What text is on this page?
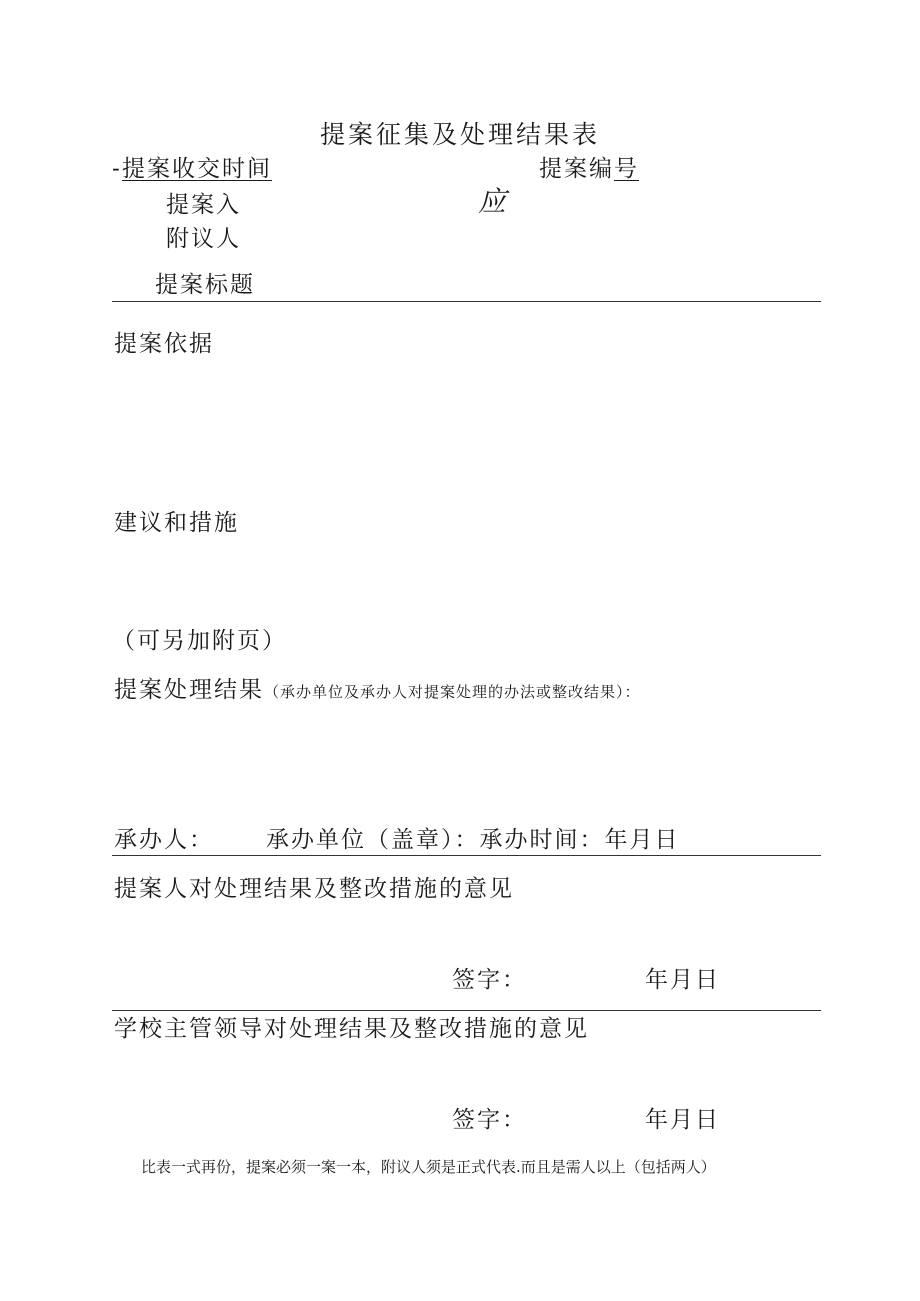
提案征集及处理结果表
- 提案收交时间	提案编号
提案入	应
附议人
提案标题
提案依据
建议和措施
（可另加附页）
提案处理结果（承办单位及承办人对提案处理的办法或整改结果）：
承办人： 承办单位（盖章）：承办时间：年月日
提案人对处理结果及整改措施的意见
签字：	年月日
学校主管领导对处理结果及整改措施的意见
签字：	年月日
比表一式再份，提案必须一案一本，附议人须是正式代表.而且是需人以上（包括两人）
